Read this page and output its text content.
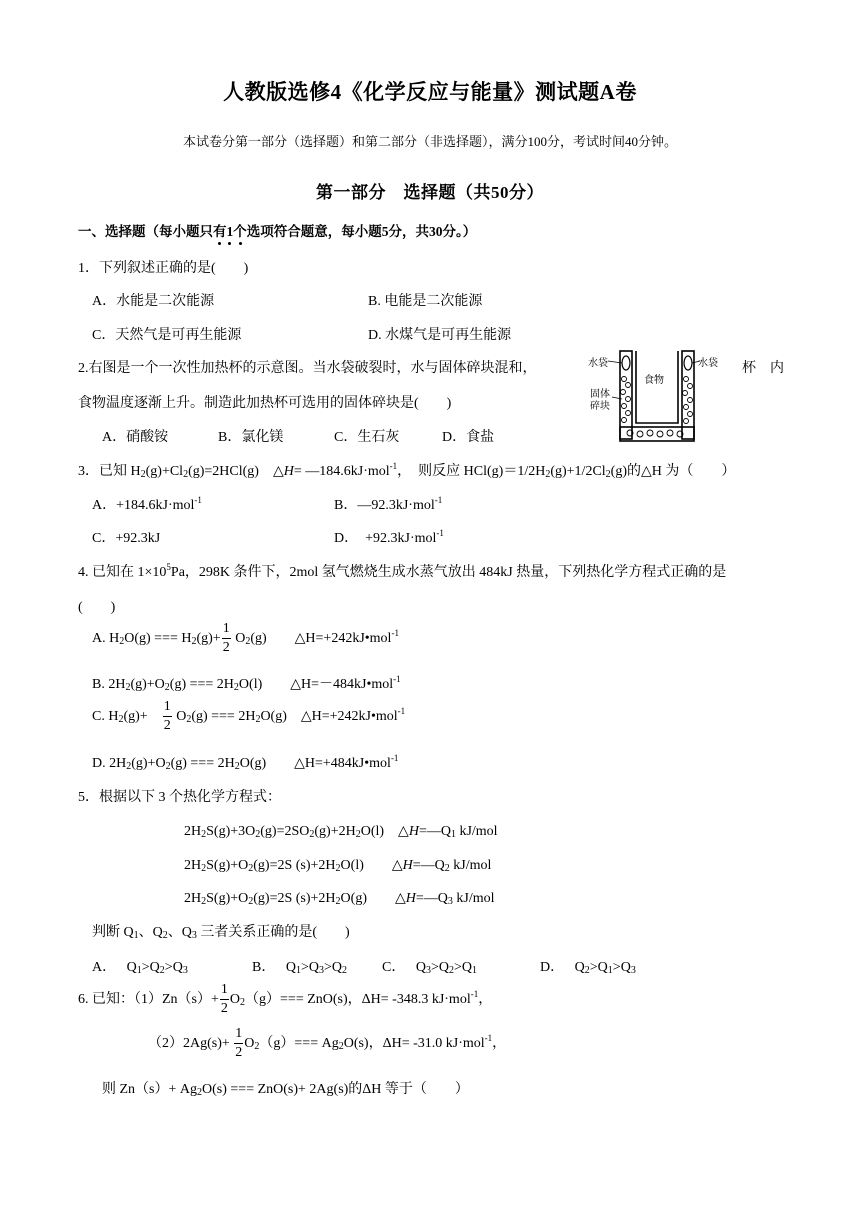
人教版选修4《化学反应与能量》测试题A卷
本试卷分第一部分（选择题）和第二部分（非选择题），满分100分，考试时间40分钟。
第一部分　选择题（共50分）
一、选择题（每小题只有1个选项符合题意，每小题5分，共30分。）
1．下列叙述正确的是(　　)
A．水能是二次能源	B. 电能是二次能源
C．天然气是可再生能源	D. 水煤气是可再生能源
2.右图是一个一次性加热杯的示意图。当水袋破裂时，水与固体碎块混和，	杯　内
食物温度逐渐上升。制造此加热杯可选用的固体碎块是(　　)
A．硝酸铵	B．氯化镁	C．生石灰	D．食盐
水袋	水袋
食物
固体
碎块
3．已知 $H_2(g)+Cl_2(g)=2HCl(g)$　△H= —184.6kJ·mol$^{-1}$，　则反应 $HCl(g)=1/2H_2(g)+1/2Cl_2(g)$的△H 为（　　）
A．+184.6kJ·mol$^{-1}$	B．—92.3kJ·mol$^{-1}$
C．+92.3kJ	D．　+92.3kJ·mol$^{-1}$
4. 已知在 $1\times 10^5Pa$，298K 条件下，2mol 氢气燃烧生成水蒸气放出 484kJ 热量，下列热化学方程式正确的是
(　　)
A. $H_2O(g)$ === $H_2(g)+ \frac{1}{2} O_2(g)$　　△H=+242kJ•mol$^{-1}$
B. $2H_2(g)+O_2(g)$ === $2H_2O(l)$　　△H=－484kJ•mol$^{-1}$
C. $H_2(g)+$　 $\frac{1}{2} O_2(g)$ === $2H_2O(g)$　△H=+242kJ•mol$^{-1}$
D. $2H_2(g)+O_2(g)$ === $2H_2O(g)$　　△H=+484kJ•mol$^{-1}$
5．根据以下 3 个热化学方程式：
$2H_2S(g)+3O_2(g)=2SO_2(g)+2H_2O(l)$　$\triangle H=—Q_1$ kJ/mol
$2H_2S(g)+O_2(g)=2S$ $(s)+2H_2O(l)$　　$\triangle H=—Q_2$ kJ/mol
$2H_2S(g)+O_2(g)=2S$ $(s)+2H_2O(g)$　　$\triangle H=—Q_3$ kJ/mol
判断 $Q_1$、$Q_2$、$Q_3$ 三者关系正确的是(　　)
A． $Q_1>Q_2>Q_3$	B． $Q_1>Q_3>Q_2$ C． $Q_3>Q_2>Q_1$	D． $Q_2>Q_1>Q_3$
6. 已知：$(1)Zn(s)+ \frac{1}{2} O_2(g)=== ZnO(s)$，ΔH= -348.3 kJ·mol$^{-1}$，
$(2)2Ag(s)+ \frac{1}{2} O_2(g)=== Ag_2O(s)$，ΔH= -31.0 kJ·mol$^{-1}$，
则 $Zn(s)+ Ag_2O(s)$ === ZnO(s)+ 2Ag(s)的ΔH 等于（　　）
